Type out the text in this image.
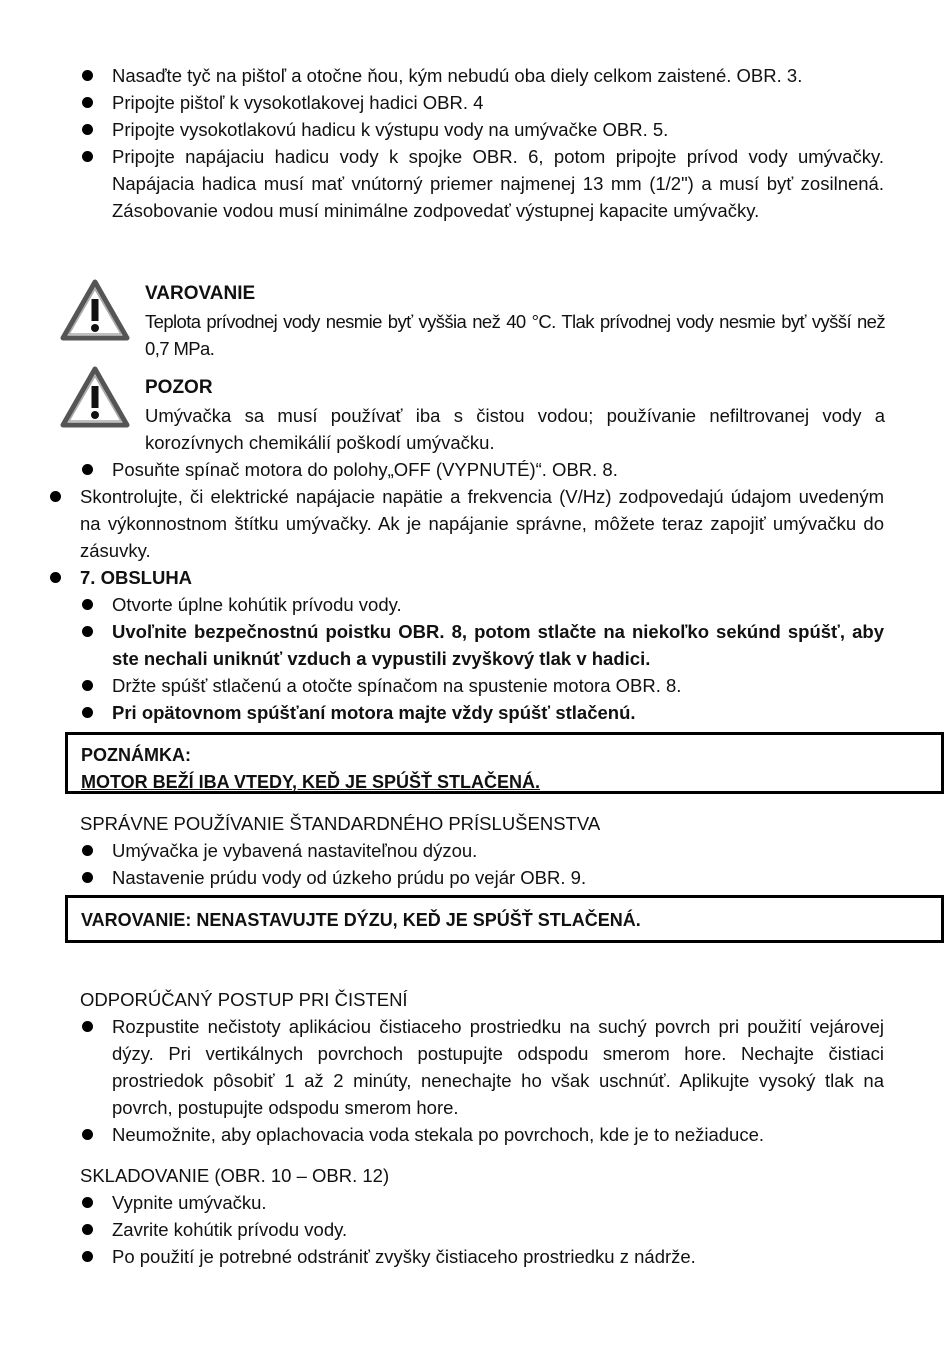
Nasaďte tyč na pištoľ a otočne ňou, kým nebudú oba diely celkom zaistené. OBR. 3.
Pripojte pištoľ k vysokotlakovej hadici OBR. 4
Pripojte vysokotlakovú hadicu k výstupu vody na umývačke OBR. 5.
Pripojte napájaciu hadicu vody k spojke OBR. 6, potom pripojte prívod vody umývačky. Napájacia hadica musí mať vnútorný priemer najmenej 13 mm (1/2") a musí byť zosilnená. Zásobovanie vodou musí minimálne zodpovedať výstupnej kapacite umývačky.
VAROVANIE
Teplota prívodnej vody nesmie byť vyššia než 40 °C. Tlak prívodnej vody nesmie byť vyšší než 0,7 MPa.
POZOR
Umývačka sa musí používať iba s čistou vodou; používanie nefiltrovanej vody a korozívnych chemikálií poškodí umývačku.
Posuňte spínač motora do polohy„OFF (VYPNUTÉ)“. OBR. 8.
Skontrolujte, či elektrické napájacie napätie a frekvencia (V/Hz) zodpovedajú údajom uvedeným na výkonnostnom štítku umývačky. Ak je napájanie správne, môžete teraz zapojiť umývačku do zásuvky.
7. OBSLUHA
Otvorte úplne kohútik prívodu vody.
Uvoľnite bezpečnostnú poistku OBR. 8, potom stlačte na niekoľko sekúnd spúšť, aby ste nechali uniknúť vzduch a vypustili zvyškový tlak v hadici.
Držte spúšť stlačenú a otočte spínačom na spustenie motora OBR. 8.
Pri opätovnom spúšťaní motora majte vždy spúšť stlačenú.
POZNÁMKA:
MOTOR BEŽÍ IBA VTEDY, KEĎ JE SPÚŠŤ STLAČENÁ.
SPRÁVNE POUŽÍVANIE ŠTANDARDNÉHO PRÍSLUŠENSTVA
Umývačka je vybavená nastaviteľnou dýzou.
Nastavenie prúdu vody od úzkeho prúdu po vejár OBR. 9.
VAROVANIE: NENASTAVUJTE DÝZU, KEĎ JE SPÚŠŤ STLAČENÁ.
ODPORÚČANÝ POSTUP PRI ČISTENÍ
Rozpustite nečistoty aplikáciou čistiaceho prostriedku na suchý povrch pri použití vejárovej dýzy. Pri vertikálnych povrchoch postupujte odspodu smerom hore. Nechajte čistiaci prostriedok pôsobiť 1 až 2 minúty, nenechajte ho však uschnúť. Aplikujte vysoký tlak na povrch, postupujte odspodu smerom hore.
Neumožnite, aby oplachovacia voda stekala po povrchoch, kde je to nežiaduce.
SKLADOVANIE (OBR. 10 – OBR. 12)
Vypnite umývačku.
Zavrite kohútik prívodu vody.
Po použití je potrebné odstrániť zvyšky čistiaceho prostriedku z nádrže.
